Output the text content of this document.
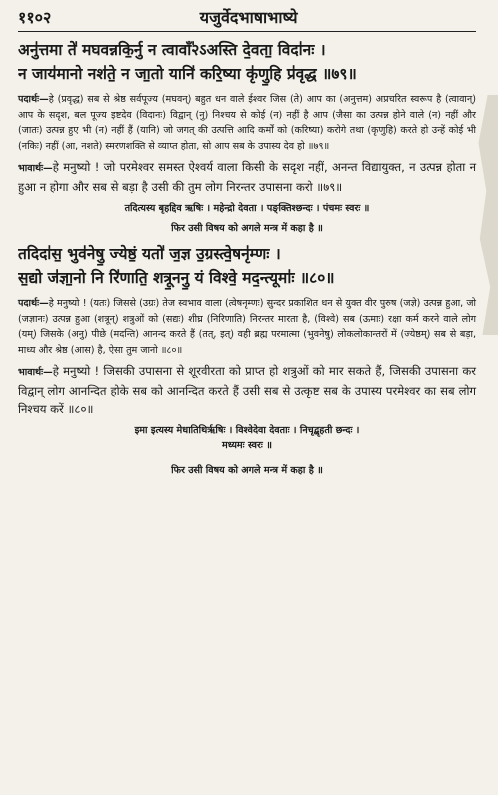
११०२	यजुर्वेदभाषाभाष्ये
अनु॑त्तमा ते॑ मघवन्नकि॒र्नु न त्वावाँ॑२ऽअस्ति दे॒वता॒ विदा॑नः ।
न जाय॑मानो नश॑ते॒ न जा॒तो यानि॑ करि॒ष्या कृ॑णु॒हि प्र॑वृद्ध ॥७९॥

पदार्थः—हे (प्रवृद्ध) सब से श्रेष्ठ सर्वपूज्य (मघवन्) बहुत धन वाले ईश्वर जिस (ते) आप का (अनुत्तम) अप्रचरित स्वरूप है (त्वावान्) आप के सदृश, बल पूज्य इष्टदेव (विदानः) विद्वान् (नु) निश्चय से कोई (न) नहीं है आप (जैसा का उत्पन्न होने वाले (न) नहीं और (जातः) उत्पन्न हुए भी (न) नहीं हैं (यानि) जो जगत् की उत्पत्ति आदि कर्मों को (करिष्या) करोगे तथा (कृणुहि) करते हो उन्हें कोई भी (नकिः) नहीं (आ, नशते) स्मरणशक्ति से व्याप्त होता, सो आप सब के उपास्य देव हो ॥७९॥

भावार्थः—हे मनुष्यो ! जो परमेश्वर समस्त ऐश्वर्य वाला किसी के सदृश नहीं, अनन्त विद्यायुक्त, न उत्पन्न होता न हुआ न होगा और सब से बड़ा है उसी की तुम लोग निरन्तर उपासना करो ॥७९॥

तदित्यस्य बृहद्दिव ऋषिः । महेन्द्रो देवता । पङ्क्तिश्छन्दः । पंचमः स्वरः ॥

फिर उसी विषय को अगले मन्त्र में कहा है ॥

तदिदा॑स॒ भुव॑नेषु॒ ज्येष्ठं॒ यतो॑ ज॒ज्ञ उ॒ग्रस्त्वे॒षनृ॑म्णः ।
स॒द्यो ज॑ज्ञा॒नो नि रि॑णाति॒ शत्रू॒ननु॒ यं विश्वे॒ मद॒न्त्यूमाः॑ ॥८०॥

पदार्थः—हे मनुष्यो ! (यतः) जिससे (उग्रः) तेज स्वभाव वाला (त्वेषनृम्णः) सुन्दर प्रकाशित धन से युक्त वीर पुरुष (जज्ञे) उत्पन्न हुआ, जो (जज्ञानः) उत्पन्न हुआ (शत्रून्) शत्रुओं को (सद्यः) शीघ्र (निरिणाति) निरन्तर मारता है, (विश्वे) सब (ऊमाः) रक्षा कर्म करने वाले लोग (यम्) जिसके (अनु) पीछे (मदन्ति) आनन्द करते हैं (तत्, इत्) वही ब्रह्म परमात्मा (भुवनेषु) लोकलोकान्तरों में (ज्येष्ठम्) सब से बड़ा, माध्य और श्रेष्ठ (आस) है, ऐसा तुम जानो ॥८०॥

भावार्थः—हे मनुष्यो ! जिसकी उपासना से शूरवीरता को प्राप्त हो शत्रुओं को मार सकते हैं, जिसकी उपासना कर विद्वान् लोग आनन्दित होके सब को आनन्दित करते हैं उसी सब से उत्कृष्ट सब के उपास्य परमेश्वर का सब लोग निश्चय करें ॥८०॥

इमा इत्यस्य मेधातिथिर्ऋषिः । विश्वेदेवा देवताः । निचृद्बृहती छन्दः ।
मध्यमः स्वरः ॥

फिर उसी विषय को अगले मन्त्र में कहा है ॥
